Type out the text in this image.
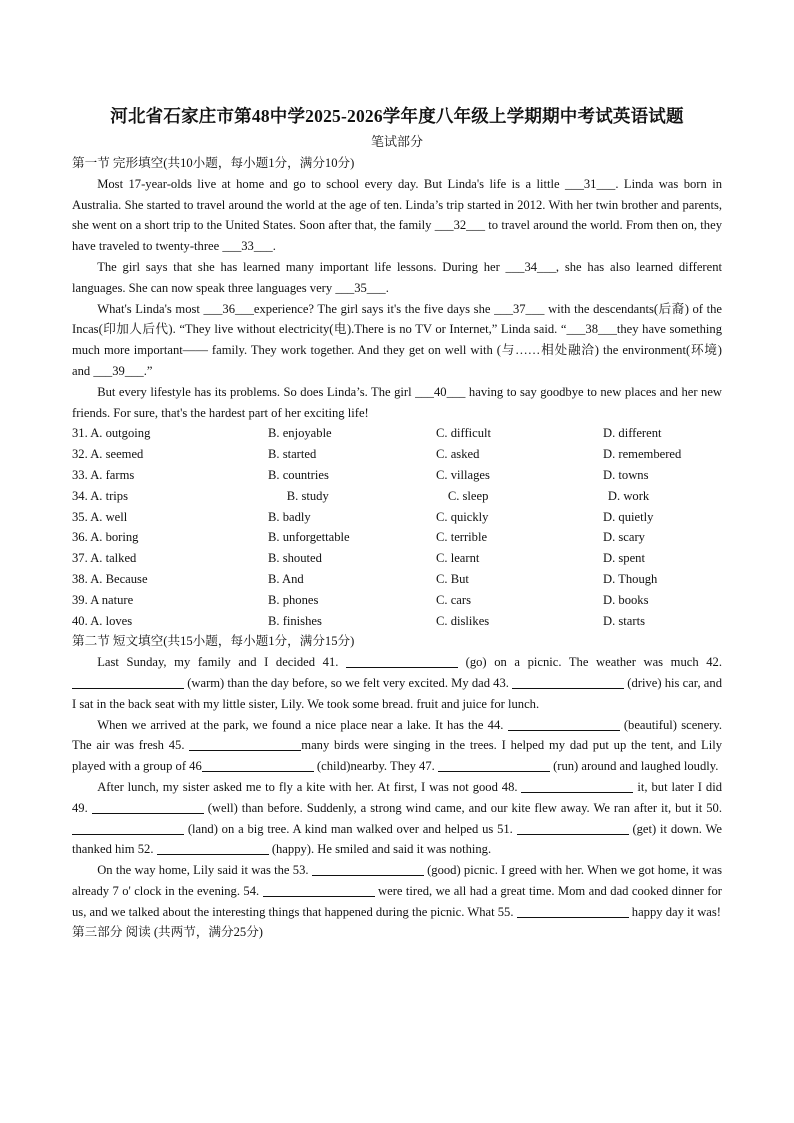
河北省石家庄市第48中学2025-2026学年度八年级上学期期中考试英语试题
笔试部分
第一节 完形填空(共10小题，每小题1分，满分10分)

Most 17-year-olds live at home and go to school every day. But Linda's life is a little ___31___. Linda was born in Australia. She started to travel around the world at the age of ten. Linda’s trip started in 2012. With her twin brother and parents, she went on a short trip to the United States. Soon after that, the family ___32___ to travel around the world. From then on, they have traveled to twenty-three ___33___.

The girl says that she has learned many important life lessons. During her ___34___, she has also learned different languages. She can now speak three languages very ___35___.

What's Linda's most ___36___experience? The girl says it's the five days she ___37___ with the descendants(后裔) of the Incas(印加人后代). “They live without electricity(电).There is no TV or Internet,” Linda said. “___38___they have something much more important—— family. They work together. And they get on well with (与……相处融洽) the environment(环境) and ___39___.”

But every lifestyle has its problems. So does Linda’s. The girl ___40___ having to say goodbye to new places and her new friends. For sure, that's the hardest part of her exciting life!

31. A. outgoing	B. enjoyable	C. difficult	D. different
32. A. seemed	B. started	C. asked	D. remembered
33. A. farms	B. countries	C. villages	D. towns
34. A. trips	B. study	C. sleep	D. work
35. A. well	B. badly	C. quickly	D. quietly
36. A. boring	B. unforgettable	C. terrible	D. scary
37. A. talked	B. shouted	C. learnt	D. spent
38. A. Because	B. And	C. But	D. Though
39. A nature	B. phones	C. cars	D. books
40. A. loves	B. finishes	C. dislikes	D. starts
第二节 短文填空(共15小题，每小题1分，满分15分)

Last Sunday, my family and I decided 41.	(go) on a picnic. The weather was much 42.  (warm) than the day before, so we felt very excited. My dad 43.	(drive) his car, and I sat in the back seat with my little sister, Lily. We took some bread. fruit and juice for lunch.

When we arrived at the park, we found a nice place near a lake. It has the 44.	(beautiful) scenery. The air was fresh 45.	many birds were singing in the trees. I helped my dad put up the tent, and Lily played with a group of 46	(child)nearby. They 47.	(run) around and laughed loudly.

After lunch, my sister asked me to fly a kite with her. At first, I was not good 48.	it, but later I did 49.	(well) than before. Suddenly, a strong wind came, and our kite flew away. We ran after it, but it 50.  (land) on a big tree. A kind man walked over and helped us 51.	(get) it down. We thanked him 52.	(happy). He smiled and said it was nothing.

On the way home, Lily said it was the 53.	(good) picnic. I greed with her. When we got home, it was already 7 o' clock in the evening. 54.	were tired, we all had a great time. Mom and dad cooked dinner for us, and we talked about the interesting things that happened during the picnic. What 55.	happy day it was!

第三部分 阅读 (共两节，满分25分)
